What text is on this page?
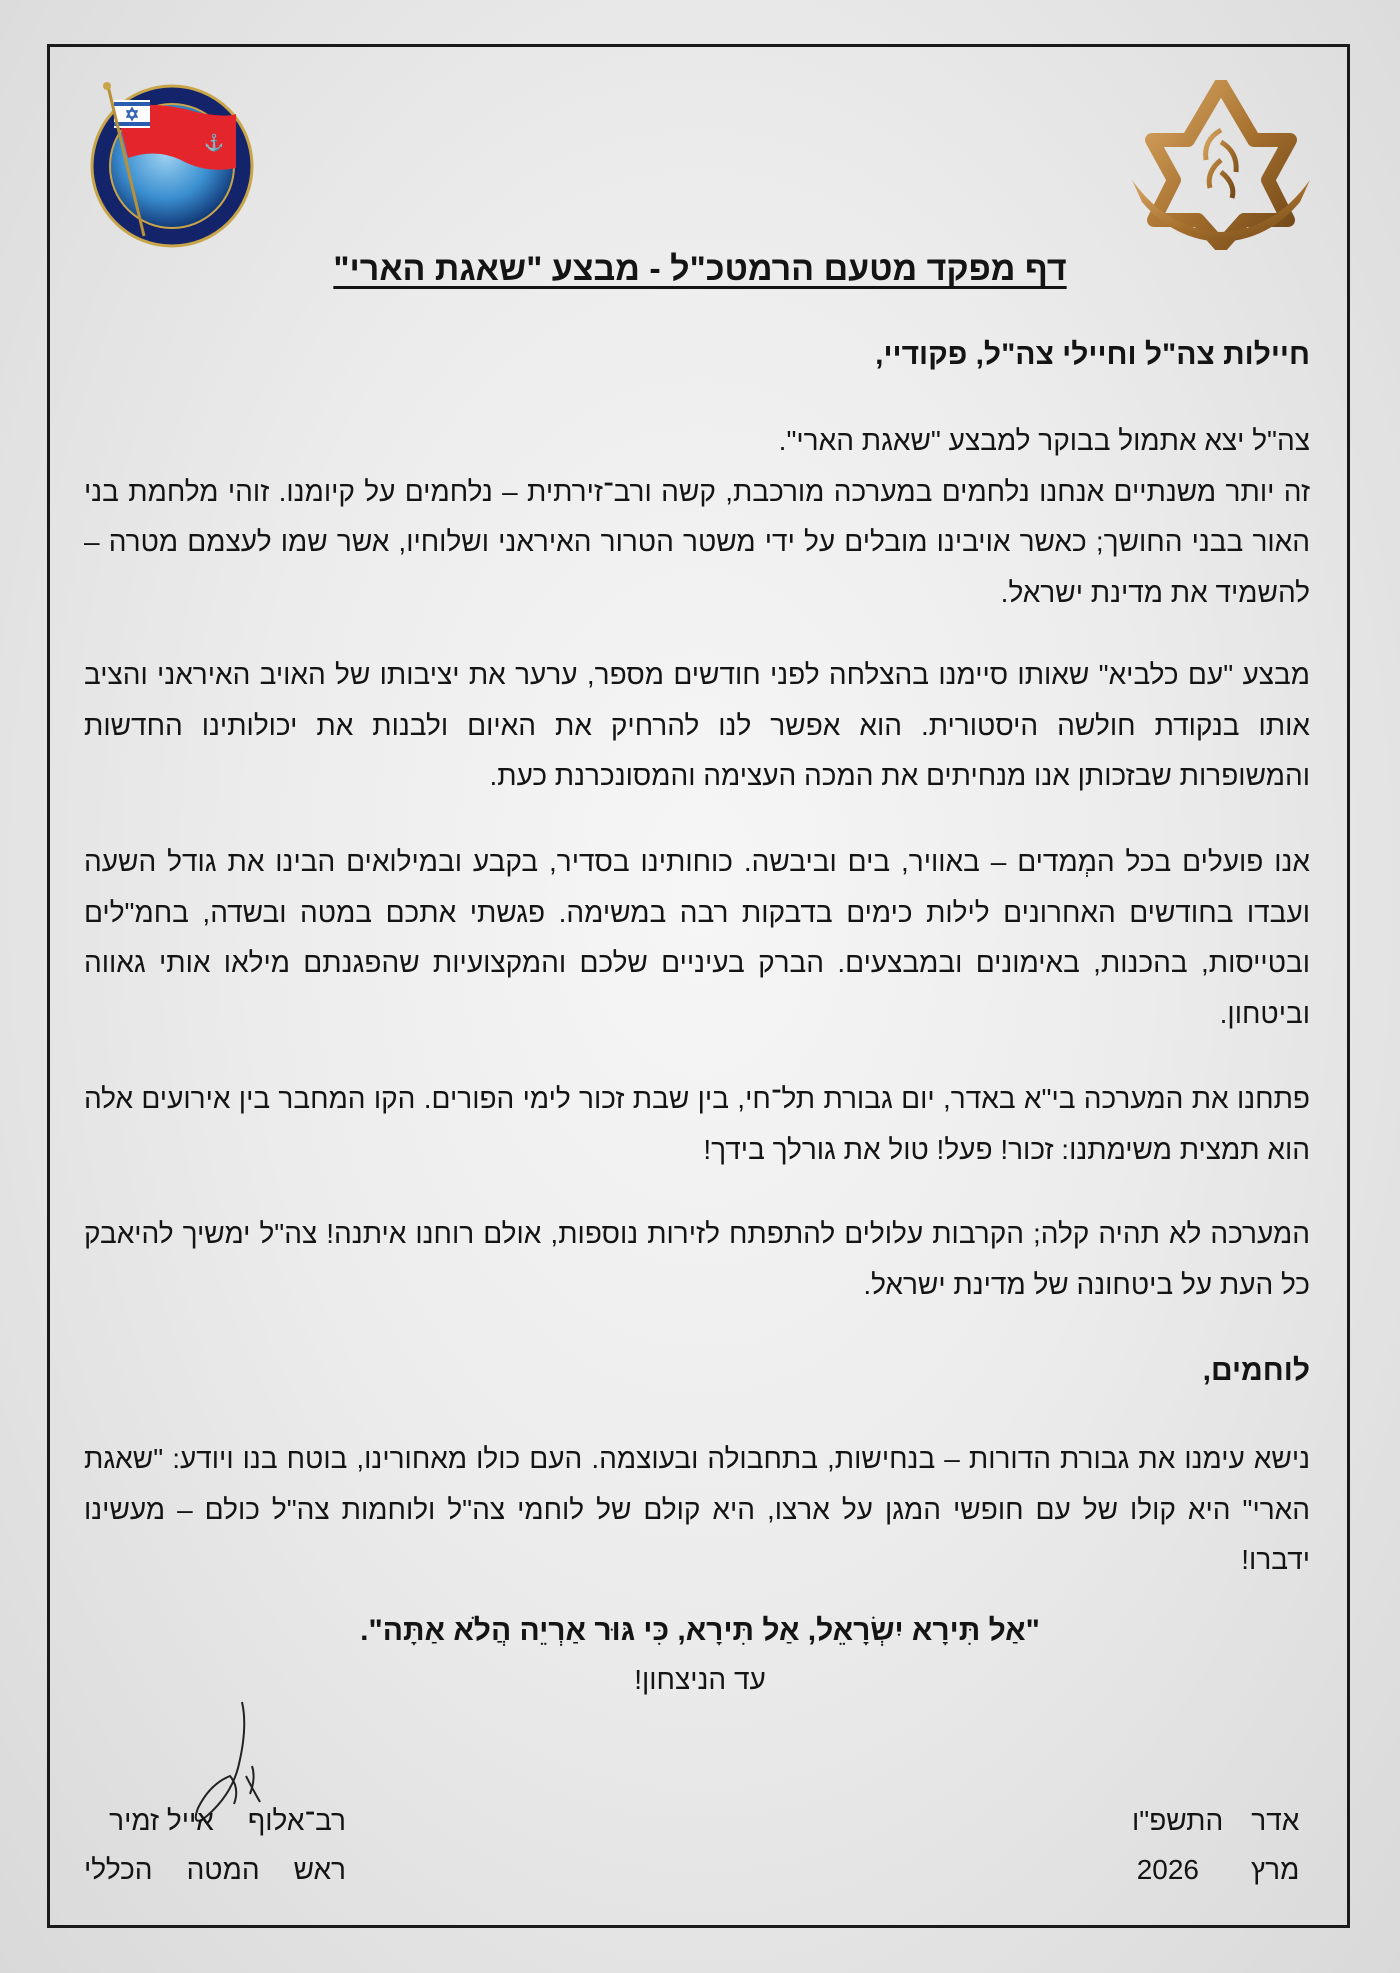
⚓
דף מפקד מטעם הרמטכ"ל - מבצע "שאגת הארי"
חיילות צה"ל וחיילי צה"ל, פקודיי,
צה"ל יצא אתמול בבוקר למבצע "שאגת הארי".
זה יותר משנתיים אנחנו נלחמים במערכה מורכבת, קשה ורב־זירתית – נלחמים על קיומנו. זוהי מלחמת בני
האור בבני החושך; כאשר אויבינו מובלים על ידי משטר הטרור האיראני ושלוחיו, אשר שמו לעצמם מטרה –
להשמיד את מדינת ישראל.
מבצע "עם כלביא" שאותו סיימנו בהצלחה לפני חודשים מספר, ערער את יציבותו של האויב האיראני והציב
אותו בנקודת חולשה היסטורית. הוא אפשר לנו להרחיק את האיום ולבנות את יכולותינו החדשות
והמשופרות שבזכותן אנו מנחיתים את המכה העצימה והמסונכרנת כעת.
אנו פועלים בכל המְמדים – באוויר, בים וביבשה. כוחותינו בסדיר, בקבע ובמילואים הבינו את גודל השעה
ועבדו בחודשים האחרונים לילות כימים בדבקות רבה במשימה. פגשתי אתכם במטה ובשדה, בחמ"לים
ובטייסות, בהכנות, באימונים ובמבצעים. הברק בעיניים שלכם והמקצועיות שהפגנתם מילאו אותי גאווה
וביטחון.
פתחנו את המערכה בי"א באדר, יום גבורת תל־חי, בין שבת זכור לימי הפורים. הקו המחבר בין אירועים אלה
הוא תמצית משימתנו: זכור! פעל! טול את גורלך בידך!
המערכה לא תהיה קלה; הקרבות עלולים להתפתח לזירות נוספות, אולם רוחנו איתנה! צה"ל ימשיך להיאבק
כל העת על ביטחונה של מדינת ישראל.
לוחמים,
נישא עימנו את גבורת הדורות – בנחישות, בתחבולה ובעוצמה. העם כולו מאחורינו, בוטח בנו ויודע: "שאגת
הארי" היא קולו של עם חופשי המגן על ארצו, היא קולם של לוחמי צה"ל ולוחמות צה"ל כולם – מעשינו
ידברו!
"אַל תִּירָא יִשְׂרָאֵל, אַל תִּירָא, כִּי גּוּר אַרְיֵה הֲלֹא אַתָּה".
עד הניצחון!
אדר
התשפ"ו
מרץ
2026
רב־אלוף
אייל זמיר
ראש
המטה
הכללי
